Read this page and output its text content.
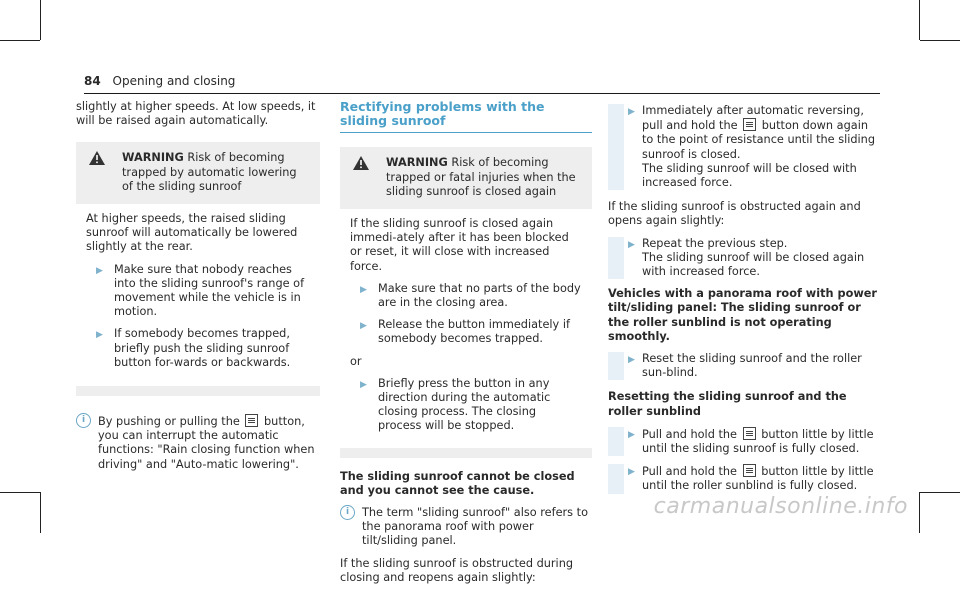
84 Opening and closing

slightly at higher speeds. At low speeds, it will be raised again automatically.

WARNING Risk of becoming trapped by automatic lowering of the sliding sunroof

At higher speeds, the raised sliding sunroof will automatically be lowered slightly at the rear.

▶ Make sure that nobody reaches into the sliding sunroof's range of movement while the vehicle is in motion.
▶ If somebody becomes trapped, briefly push the sliding sunroof button for-wards or backwards.
i	By pushing or pulling the button, you can interrupt the automatic functions: "Rain closing function when driving" and "Auto-matic lowering".
Rectifying problems with the sliding sunroof
WARNING Risk of becoming trapped or fatal injuries when the sliding sunroof is closed again

If the sliding sunroof is closed again immedi-ately after it has been blocked or reset, it will close with increased force.

▶ Make sure that no parts of the body are in the closing area.
▶ Release the button immediately if somebody becomes trapped.
or
▶ Briefly press the button in any direction during the automatic closing process. The closing process will be stopped.

The sliding sunroof cannot be closed and you cannot see the cause.

i	The term "sliding sunroof" also refers to the panorama roof with power tilt/sliding panel.

If the sliding sunroof is obstructed during closing and reopens again slightly:

▶ Immediately after automatic reversing, pull and hold the button down again to the point of resistance until the sliding sunroof is closed.
The sliding sunroof will be closed with increased force.

If the sliding sunroof is obstructed again and opens again slightly:

▶ Repeat the previous step.
The sliding sunroof will be closed again with increased force.

Vehicles with a panorama roof with power tilt/sliding panel: The sliding sunroof or the roller sunblind is not operating smoothly.

▶ Reset the sliding sunroof and the roller sun-blind.

Resetting the sliding sunroof and the roller sunblind

▶ Pull and hold the button little by little until the sliding sunroof is fully closed.
▶ Pull and hold the button little by little until the roller sunblind is fully closed.
carmanualsonline.info
